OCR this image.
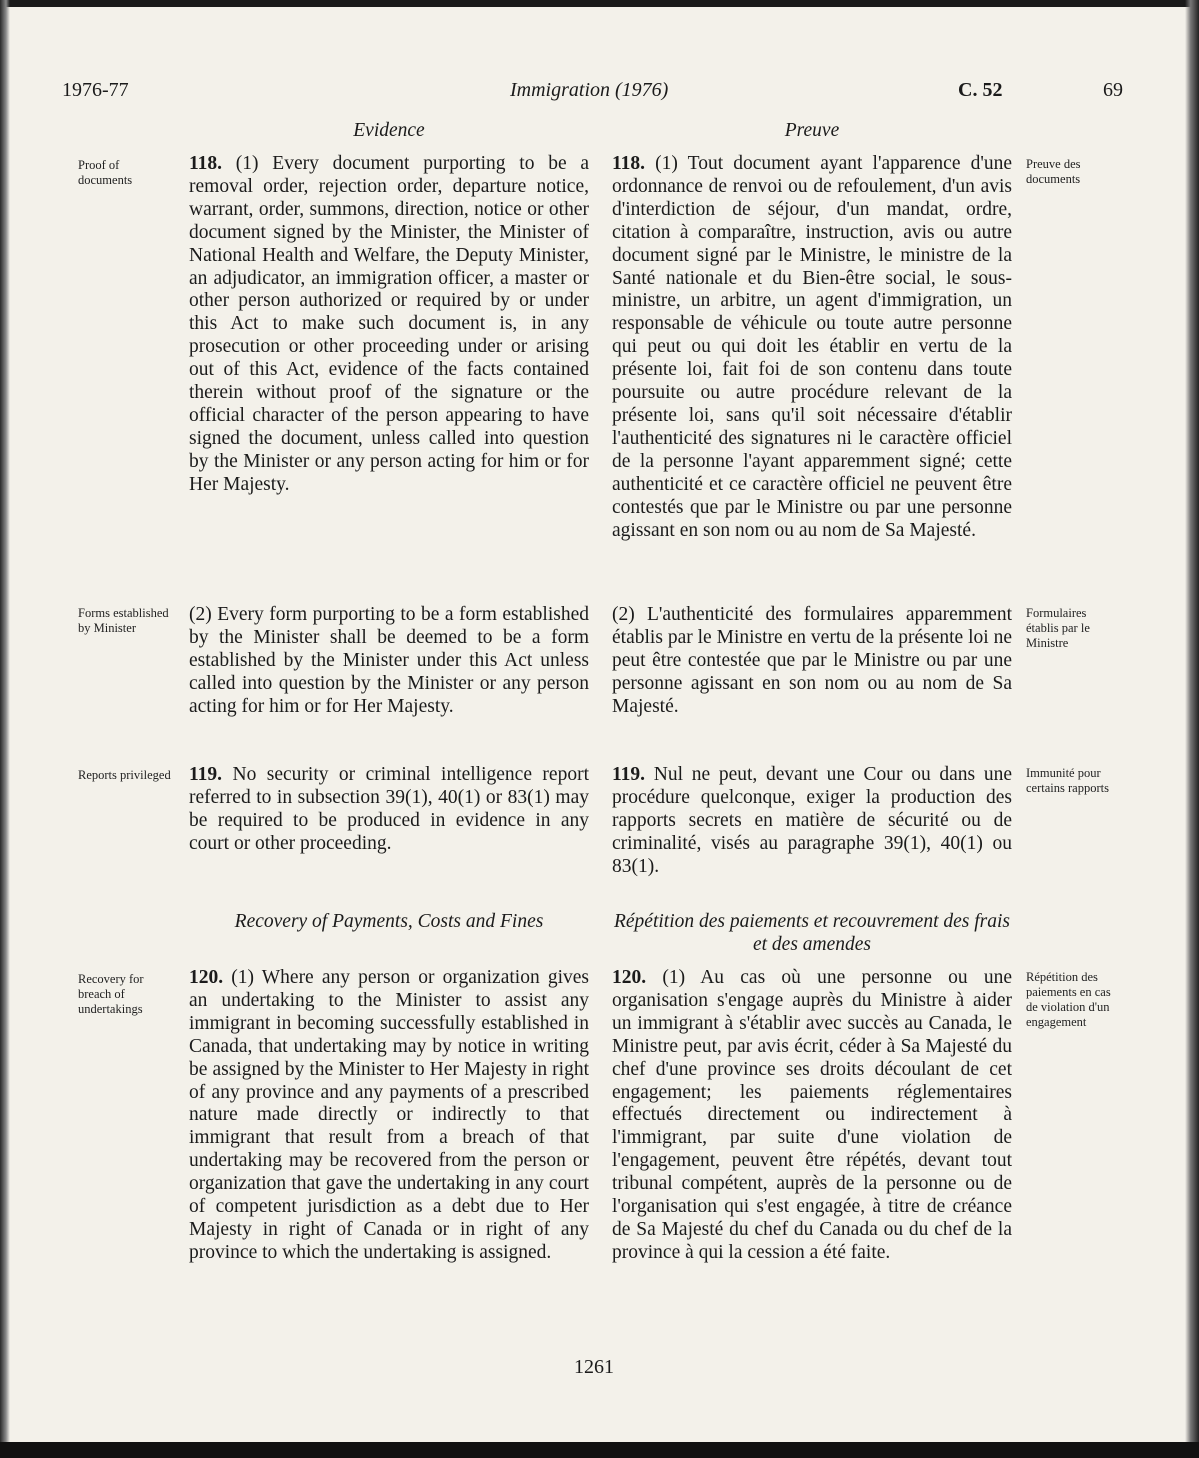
1976-77	Immigration (1976)	C. 52	69
Evidence	Preuve
Proof of documents
118. (1) Every document purporting to be a removal order, rejection order, departure notice, warrant, order, summons, direction, notice or other document signed by the Minister, the Minister of National Health and Welfare, the Deputy Minister, an adjudicator, an immigration officer, a master or other person authorized or required by or under this Act to make such document is, in any prosecution or other proceeding under or arising out of this Act, evidence of the facts contained therein without proof of the signature or the official character of the person appearing to have signed the document, unless called into question by the Minister or any person acting for him or for Her Majesty.
118. (1) Tout document ayant l'apparence d'une ordonnance de renvoi ou de refoulement, d'un avis d'interdiction de séjour, d'un mandat, ordre, citation à comparaître, instruction, avis ou autre document signé par le Ministre, le ministre de la Santé nationale et du Bien-être social, le sous-ministre, un arbitre, un agent d'immigration, un responsable de véhicule ou toute autre personne qui peut ou qui doit les établir en vertu de la présente loi, fait foi de son contenu dans toute poursuite ou autre procédure relevant de la présente loi, sans qu'il soit nécessaire d'établir l'authenticité des signatures ni le caractère officiel de la personne l'ayant apparemment signé; cette authenticité et ce caractère officiel ne peuvent être contestés que par le Ministre ou par une personne agissant en son nom ou au nom de Sa Majesté.
Preuve des documents
Forms established by Minister
(2) Every form purporting to be a form established by the Minister shall be deemed to be a form established by the Minister under this Act unless called into question by the Minister or any person acting for him or for Her Majesty.
(2) L'authenticité des formulaires apparemment établis par le Ministre en vertu de la présente loi ne peut être contestée que par le Ministre ou par une personne agissant en son nom ou au nom de Sa Majesté.
Formulaires établis par le Ministre
Reports privileged 119. No security or criminal intelligence report referred to in subsection 39(1), 40(1) or 83(1) may be required to be produced in evidence in any court or other proceeding.
119. Nul ne peut, devant une Cour ou dans une procédure quelconque, exiger la production des rapports secrets en matière de sécurité ou de criminalité, visés au paragraphe 39(1), 40(1) ou 83(1).
Immunité pour certains rapports
Recovery of Payments, Costs and Fines	Répétition des paiements et recouvrement des frais et des amendes
Recovery for breach of undertakings
120. (1) Where any person or organization gives an undertaking to the Minister to assist any immigrant in becoming successfully established in Canada, that undertaking may by notice in writing be assigned by the Minister to Her Majesty in right of any province and any payments of a prescribed nature made directly or indirectly to that immigrant that result from a breach of that undertaking may be recovered from the person or organization that gave the undertaking in any court of competent jurisdiction as a debt due to Her Majesty in right of Canada or in right of any province to which the undertaking is assigned.
120. (1) Au cas où une personne ou une organisation s'engage auprès du Ministre à aider un immigrant à s'établir avec succès au Canada, le Ministre peut, par avis écrit, céder à Sa Majesté du chef d'une province ses droits découlant de cet engagement; les paiements réglementaires effectués directement ou indirectement à l'immigrant, par suite d'une violation de l'engagement, peuvent être répétés, devant tout tribunal compétent, auprès de la personne ou de l'organisation qui s'est engagée, à titre de créance de Sa Majesté du chef du Canada ou du chef de la province à qui la cession a été faite.
Répétition des paiements en cas de violation d'un engagement
1261
